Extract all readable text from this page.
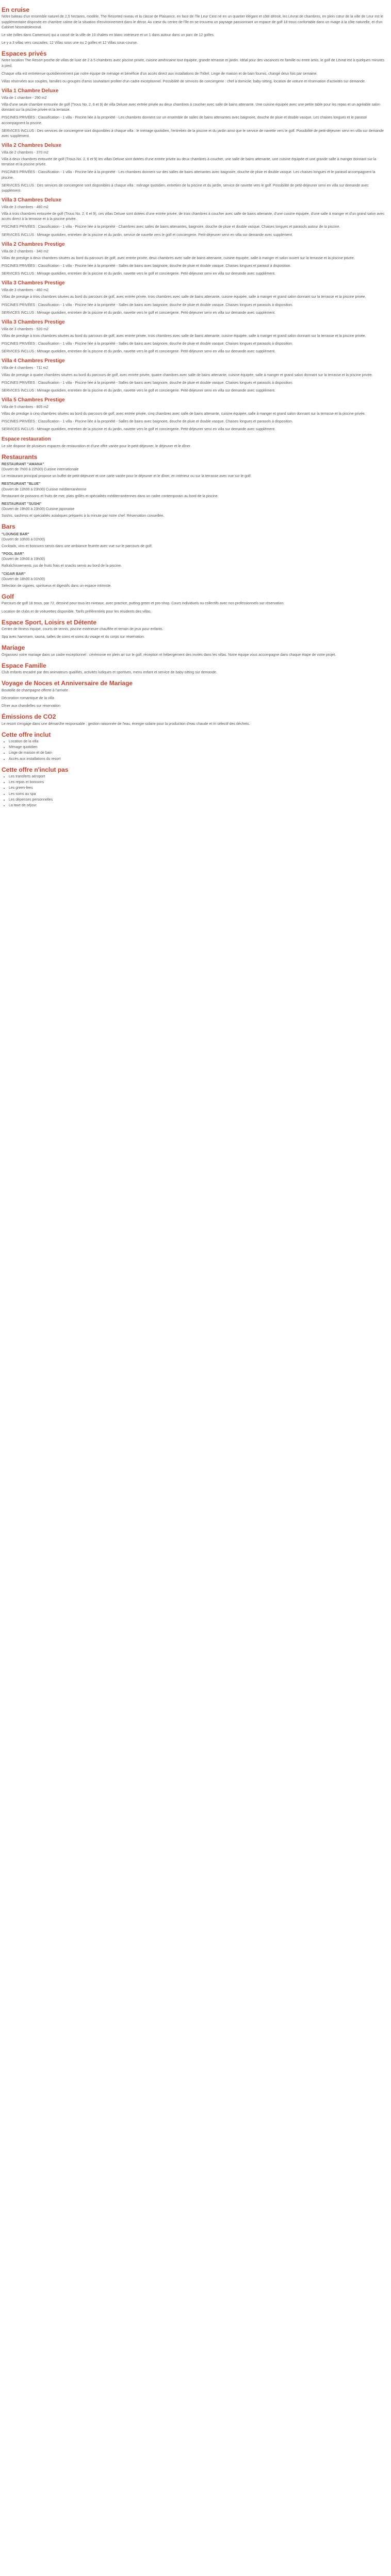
En cruise

Notre bateau d'un ensemble naturel de 2,5 hectares, modèle, The Resorted niveau et la classe de Plaisance, en face de l'île Leur Cest né en un quartier élégant et côté détroit, les Lèvrat de chambres, en plein cœur de la ville de Leur est le supplémentaire disposée en chambre calme de la situation d'environnement dans le décor. Au cœur du centre de l'île en se trouvera un paysage passionnant un espace de golf 18 trous confortable dans un rivage à la côte naturelle, et d'un Cabinet Nosmatolexonal.

Le site (villes dans Cameroun) qui a cassé de la ville de 10 chalets en blanc intérieure et un 1 dans autour dans un parc de 12 golfes.

Le y a 3 villas vers cascades. 12 Villas sous une ou 2 golfes et 12 Villas sous-course.

Espaces privés

Notre location The Resort proche de villas de luxe de 2 à 5 chambres avec piscine privée, cuisine américaine tout équipée, grande terrasse et jardin. Idéal pour des vacances en famille ou entre amis, le golf de Lèvrat est à quelques minutes à pied.

Chaque villa est entretenue quotidiennement par notre équipe de ménage et bénéficie d'un accès direct aux installations de l'hôtel. Linge de maison et de bain fournis, changé deux fois par semaine.

Villas réservées aux couples, familles ou groupes d'amis souhaitant profiter d'un cadre exceptionnel. Possibilité de services de conciergerie : chef à domicile, baby-sitting, location de voiture et réservation d'activités sur demande.

Villa 1 Chambre Deluxe

Villa de 1 chambre - 290 m2

Villa d'une seule chambre entourée de golf (Trous No. 2, 6 et 9) de villa Deluxe avec entrée privée au deux chambres à coucher avec salle de bains attenante. Une cuisine équipée avec une petite table pour les repas et un agréable salon donnant sur la piscine privée et la terrasse.

PISCINES PRIVÉES : Classification - 1 villa - Piscine liée à la propriété - Les chambres donnent sur un ensemble de salles de bains attenantes avec baignoire, douche de pluie et double vasque. Les chaises longues et le parasol accompagnent la piscine.

SERVICES INCLUS : Des services de conciergerie sont disponibles à chaque villa : le ménage quotidien, l'entretien de la piscine et du jardin ainsi que le service de navette vers le golf. Possibilité de petit-déjeuner servi en villa sur demande avec supplément.

Villa 2 Chambres Deluxe

Villa de 2 chambres - 370 m2

Villa à deux chambres entourée de golf (Trous No. 2, 6 et 9) les villas Deluxe sont dotées d'une entrée privée au deux chambres à coucher, une salle de bains attenante, une cuisine équipée et une grande salle à manger donnant sur la terrasse et la piscine privée.

PISCINES PRIVÉES : Classification - 1 villa - Piscine liée à la propriété - Les chambres donnent sur des salles de bains attenantes avec baignoire, douche de pluie et double vasque. Les chaises longues et le parasol accompagnent la piscine.

SERVICES INCLUS : Des services de conciergerie sont disponibles à chaque villa : ménage quotidien, entretien de la piscine et du jardin, service de navette vers le golf. Possibilité de petit-déjeuner servi en villa sur demande avec supplément.

Villa 3 Chambres Deluxe

Villa de 3 chambres - 460 m2

Villa à trois chambres entourée de golf (Trous No. 2, 6 et 9), ces villas Deluxe sont dotées d'une entrée privée, de trois chambres à coucher avec salle de bains attenante, d'une cuisine équipée, d'une salle à manger et d'un grand salon avec accès direct à la terrasse et à la piscine privée.

PISCINES PRIVÉES : Classification - 1 villa - Piscine liée à la propriété - Chambres avec salles de bains attenantes, baignoire, douche de pluie et double vasque. Chaises longues et parasols autour de la piscine.

SERVICES INCLUS : Ménage quotidien, entretien de la piscine et du jardin, service de navette vers le golf et conciergerie. Petit-déjeuner servi en villa sur demande avec supplément.

Villa 2 Chambres Prestige

Villa de 2 chambres - 340 m2

Villas de prestige à deux chambres situées au bord du parcours de golf, avec entrée privée, deux chambres avec salle de bains attenante, cuisine équipée, salle à manger et salon ouvert sur la terrasse et la piscine privée.

PISCINES PRIVÉES : Classification - 1 villa - Piscine liée à la propriété - Salles de bains avec baignoire, douche de pluie et double vasque. Chaises longues et parasol à disposition.

SERVICES INCLUS : Ménage quotidien, entretien de la piscine et du jardin, navette vers le golf et conciergerie. Petit-déjeuner servi en villa sur demande avec supplément.

Villa 3 Chambres Prestige

Villa de 3 chambres - 460 m2

Villas de prestige à trois chambres situées au bord du parcours de golf, avec entrée privée, trois chambres avec salle de bains attenante, cuisine équipée, salle à manger et grand salon donnant sur la terrasse et la piscine privée.

PISCINES PRIVÉES : Classification - 1 villa - Piscine liée à la propriété - Salles de bains avec baignoire, douche de pluie et double vasque. Chaises longues et parasols à disposition.

SERVICES INCLUS : Ménage quotidien, entretien de la piscine et du jardin, navette vers le golf et conciergerie. Petit-déjeuner servi en villa sur demande avec supplément.

Villa 3 Chambres Prestige

Villa de 3 chambres - 520 m2

Villas de prestige à trois chambres situées au bord du parcours de golf, avec entrée privée, trois chambres avec salle de bains attenante, cuisine équipée, salle à manger et grand salon donnant sur la terrasse et la piscine privée.

PISCINES PRIVÉES : Classification - 1 villa - Piscine liée à la propriété - Salles de bains avec baignoire, douche de pluie et double vasque. Chaises longues et parasols à disposition.

SERVICES INCLUS : Ménage quotidien, entretien de la piscine et du jardin, navette vers le golf et conciergerie. Petit-déjeuner servi en villa sur demande avec supplément.

Villa 4 Chambres Prestige

Villa de 4 chambres - 711 m2

Villas de prestige à quatre chambres situées au bord du parcours de golf, avec entrée privée, quatre chambres avec salle de bains attenante, cuisine équipée, salle à manger et grand salon donnant sur la terrasse et la piscine privée.

PISCINES PRIVÉES : Classification - 1 villa - Piscine liée à la propriété - Salles de bains avec baignoire, douche de pluie et double vasque. Chaises longues et parasols à disposition.

SERVICES INCLUS : Ménage quotidien, entretien de la piscine et du jardin, navette vers le golf et conciergerie. Petit-déjeuner servi en villa sur demande avec supplément.

Villa 5 Chambres Prestige

Villa de 5 chambres - 805 m2

Villas de prestige à cinq chambres situées au bord du parcours de golf, avec entrée privée, cinq chambres avec salle de bains attenante, cuisine équipée, salle à manger et grand salon donnant sur la terrasse et la piscine privée.

PISCINES PRIVÉES : Classification - 1 villa - Piscine liée à la propriété - Salles de bains avec baignoire, douche de pluie et double vasque. Chaises longues et parasols à disposition.

SERVICES INCLUS : Ménage quotidien, entretien de la piscine et du jardin, navette vers le golf et conciergerie. Petit-déjeuner servi en villa sur demande avec supplément.

Espace restauration

Le site dispose de plusieurs espaces de restauration et d'une offre variée pour le petit-déjeuner, le déjeuner et le dîner.

Restaurants
RESTAURANT "AMANA"

(Ouvert de 7h00 à 22h30) Cuisine internationale

Le restaurant principal propose un buffet de petit-déjeuner et une carte variée pour le déjeuner et le dîner, en intérieur ou sur la terrasse avec vue sur le golf.

RESTAURANT "BLUE"

(Ouvert de 12h00 à 23h00) Cuisine méditerranéenne

Restaurant de poissons et fruits de mer, plats grillés et spécialités méditerranéennes dans un cadre contemporain au bord de la piscine.

RESTAURANT "SUSHI"

(Ouvert de 19h00 à 23h00) Cuisine japonaise

Sushis, sashimis et spécialités asiatiques préparés à la minute par notre chef. Réservation conseillée.

Bars
"LOUNGE BAR"

(Ouvert de 10h00 à 01h00)

Cocktails, vins et boissons servis dans une ambiance feutrée avec vue sur le parcours de golf.

"POOL BAR"

(Ouvert de 10h00 à 19h00)

Rafraîchissements, jus de fruits frais et snacks servis au bord de la piscine.

"CIGAR BAR"

(Ouvert de 18h00 à 01h00)

Sélection de cigares, spiritueux et digestifs dans un espace intimiste.

Golf

Parcours de golf 18 trous, par 72, dessiné pour tous les niveaux, avec practice, putting green et pro-shop. Cours individuels ou collectifs avec nos professionnels sur réservation.

Location de clubs et de voiturettes disponible. Tarifs préférentiels pour les résidents des villas.

Espace Sport, Loisirs et Détente

Centre de fitness équipé, courts de tennis, piscine extérieure chauffée et terrain de jeux pour enfants.

Spa avec hammam, sauna, salles de soins et soins du visage et du corps sur réservation.

Mariage

Organisez votre mariage dans un cadre exceptionnel : cérémonie en plein air sur le golf, réception et hébergement des invités dans les villas. Notre équipe vous accompagne dans chaque étape de votre projet.

Espace Famille

Club enfants encadré par des animateurs qualifiés, activités ludiques et sportives, menu enfant et service de baby-sitting sur demande.

Voyage de Noces et Anniversaire de Mariage

Bouteille de champagne offerte à l'arrivée

Décoration romantique de la villa

Dîner aux chandelles sur réservation

Émissions de CO2

Le resort s'engage dans une démarche responsable : gestion raisonnée de l'eau, énergie solaire pour la production d'eau chaude et tri sélectif des déchets.

Cette offre inclut
• Location de la villa
• Ménage quotidien
• Linge de maison et de bain
• Accès aux installations du resort
Cette offre n'inclut pas
• Les transferts aéroport
• Les repas et boissons
• Les green-fees
• Les soins au spa
• Les dépenses personnelles
• La taxe de séjour
